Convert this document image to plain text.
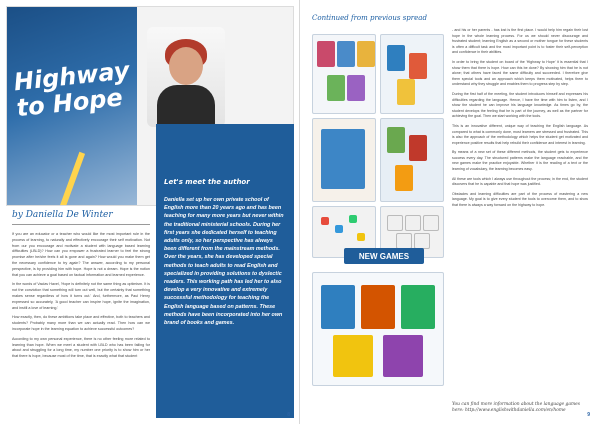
Highway to Hope
by Daniella De Winter

If you are an educator or a teacher who would like the most important rule in the process of learning, to naturally and effectively encourage their self motivation. Not from our you encourage and motivate a student with language based learning difficulties (LBLD)? How can you empower a frustrated learner to feel the strong promise after he/she feels it all is gone and again? How would you make them get the necessary confidence to try again? The answer, according to my personal perspective, is by providing him with hope. Hope is not a dream. Hope is the notion that you can achieve a goal based on factual information and learned experience.

In the words of Vaclav Havel, 'Hope is definitely not the same thing as optimism. It is not the conviction that something will turn out well, but the certainty that something makes sense regardless of how it turns out.' And, furthermore, as Paul Henry expressed so accurately, 'A good teacher can inspire hope, ignite the imagination, and instill a love of learning.'

How exactly, then, do these ambitions take place and effective, both to teachers and students? Probably many more than we can actually read. Then how can we incorporate hope in the learning equation to achieve successful outcomes?

According to my own personal experience, there is no other feeling more related to learning than hope. When we meet a student with LBLD who has been failing for about and struggling for a long time, my number one priority is to show him or her that there is hope, because most of the time, that is exactly what that student

Let's meet the author
Daniella set up her own private school of English more than 20 years ago and has been teaching for many more years but never within the traditional ministerial schools. During her first years she dedicated herself to teaching adults only, so her perspective has always been different from the mainstream methods. Over the years, she has developed special methods to teach adults to read English and specialized in providing solutions to dyslectic readers. This working path has led her to also develop a very innovative and extremely successful methodology for teaching the English language based on patterns. These methods have been incorporated into her own brand of books and games.
8
Continued from previous spread
NEW GAMES

- and his or her parents - has lost is the first place. I would help him regain their lost hope in the whole learning process. For us we should never discourage and frustrated student; learning English as a second or mother tongue for these students is often a difficult task and the most important point is to foster their self-perception and confidence in their abilities.

In order to bring the student on board of the 'Highway to Hope' it is essential that I show them that there is hope. How can this be done? By showing him that he is not alone; that others have faced the same difficulty and succeeded. I therefore give them special tools and an approach which keeps them motivated, helps them to understand why they struggle and enables them to progress step by step.

During the first half of the meeting, the student introduces himself and expresses his difficulties regarding the language. Hence, I have the time with him to listen, and I show the student he can improve his language knowledge. As times go by, the student develops the feeling that he is part of the journey, as well as the partner for achieving the goal. Then we start working with the tools.

This is an innovative different, unique way of teaching the English language. As compared to what is commonly done, most learners are stressed and frustrated. This is also the approach of the methodology which helps the student get motivated and experience positive results that help rebuild their confidence and interest in learning.

By means of a new set of these different methods, the student gets to experience success every day. The structured patterns make the language reachable, and the new games make the practice enjoyable. Whether it is the reading of a text or the learning of vocabulary, the learning becomes easy.

All these are tools which I always use throughout the process; in the end, the student discovers that he is capable and that hope was justified.

Obstacles and learning difficulties are part of the process of mastering a new language. My goal is to give every student the tools to overcome them, and to show that there is always a way forward on the highway to hope.

You can find more information about the language games here: http://www.englishwithdaniella.com/en/home
9
